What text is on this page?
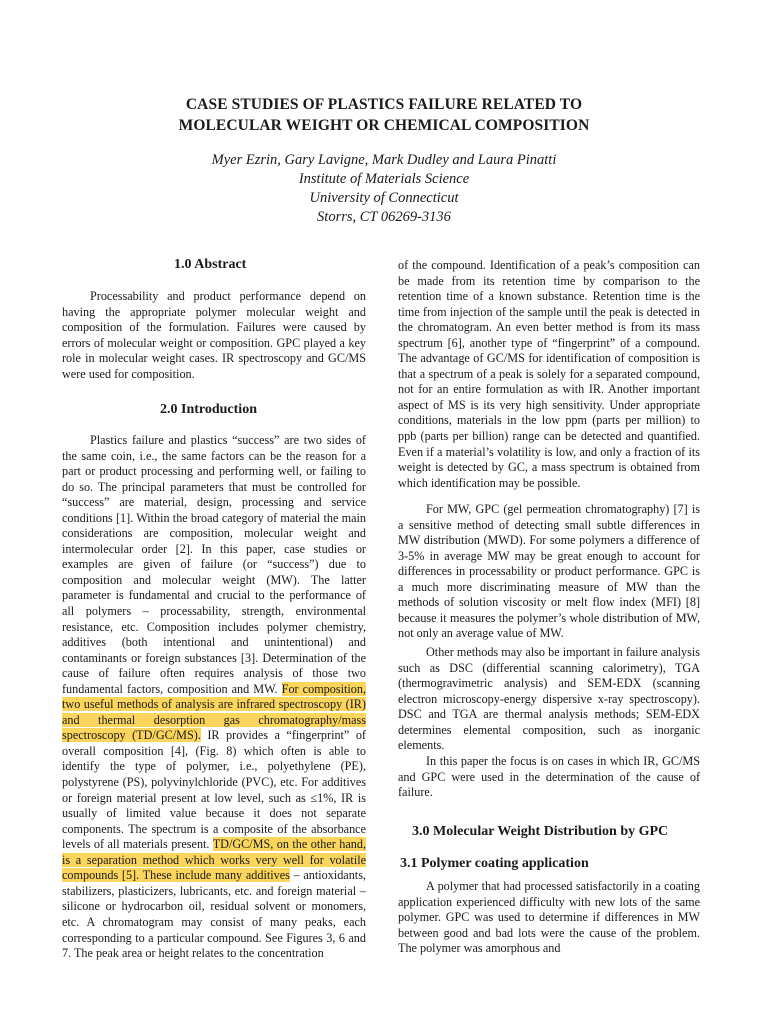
CASE STUDIES OF PLASTICS FAILURE RELATED TO
MOLECULAR WEIGHT OR CHEMICAL COMPOSITION
Myer Ezrin, Gary Lavigne, Mark Dudley and Laura Pinatti
Institute of Materials Science
University of Connecticut
Storrs, CT 06269-3136
1.0 Abstract
Processability and product performance depend on having the appropriate polymer molecular weight and composition of the formulation. Failures were caused by errors of molecular weight or composition. GPC played a key role in molecular weight cases. IR spectroscopy and GC/MS were used for composition.
2.0 Introduction
Plastics failure and plastics “success” are two sides of the same coin, i.e., the same factors can be the reason for a part or product processing and performing well, or failing to do so. The principal parameters that must be controlled for “success” are material, design, processing and service conditions [1]. Within the broad category of material the main considerations are composition, molecular weight and intermolecular order [2]. In this paper, case studies or examples are given of failure (or “success”) due to composition and molecular weight (MW). The latter parameter is fundamental and crucial to the performance of all polymers – processability, strength, environmental resistance, etc. Composition includes polymer chemistry, additives (both intentional and unintentional) and contaminants or foreign substances [3]. Determination of the cause of failure often requires analysis of those two fundamental factors, composition and MW. For composition, two useful methods of analysis are infrared spectroscopy (IR) and thermal desorption gas chromatography/mass spectroscopy (TD/GC/MS). IR provides a “fingerprint” of overall composition [4], (Fig. 8) which often is able to identify the type of polymer, i.e., polyethylene (PE), polystyrene (PS), polyvinylchloride (PVC), etc. For additives or foreign material present at low level, such as ≤1%, IR is usually of limited value because it does not separate components. The spectrum is a composite of the absorbance levels of all materials present. TD/GC/MS, on the other hand, is a separation method which works very well for volatile compounds [5]. These include many additives – antioxidants, stabilizers, plasticizers, lubricants, etc. and foreign material – silicone or hydrocarbon oil, residual solvent or monomers, etc. A chromatogram may consist of many peaks, each corresponding to a particular compound. See Figures 3, 6 and 7. The peak area or height relates to the concentration
of the compound. Identification of a peak’s composition can be made from its retention time by comparison to the retention time of a known substance. Retention time is the time from injection of the sample until the peak is detected in the chromatogram. An even better method is from its mass spectrum [6], another type of “fingerprint” of a compound. The advantage of GC/MS for identification of composition is that a spectrum of a peak is solely for a separated compound, not for an entire formulation as with IR. Another important aspect of MS is its very high sensitivity. Under appropriate conditions, materials in the low ppm (parts per million) to ppb (parts per billion) range can be detected and quantified. Even if a material’s volatility is low, and only a fraction of its weight is detected by GC, a mass spectrum is obtained from which identification may be possible.
For MW, GPC (gel permeation chromatography) [7] is a sensitive method of detecting small subtle differences in MW distribution (MWD). For some polymers a difference of 3-5% in average MW may be great enough to account for differences in processability or product performance. GPC is a much more discriminating measure of MW than the methods of solution viscosity or melt flow index (MFI) [8] because it measures the polymer’s whole distribution of MW, not only an average value of MW.
Other methods may also be important in failure analysis such as DSC (differential scanning calorimetry), TGA (thermogravimetric analysis) and SEM-EDX (scanning electron microscopy-energy dispersive x-ray spectroscopy). DSC and TGA are thermal analysis methods; SEM-EDX determines elemental composition, such as inorganic elements.
In this paper the focus is on cases in which IR, GC/MS and GPC were used in the determination of the cause of failure.
3.0 Molecular Weight Distribution by GPC
3.1 Polymer coating application
A polymer that had processed satisfactorily in a coating application experienced difficulty with new lots of the same polymer. GPC was used to determine if differences in MW between good and bad lots were the cause of the problem. The polymer was amorphous and
